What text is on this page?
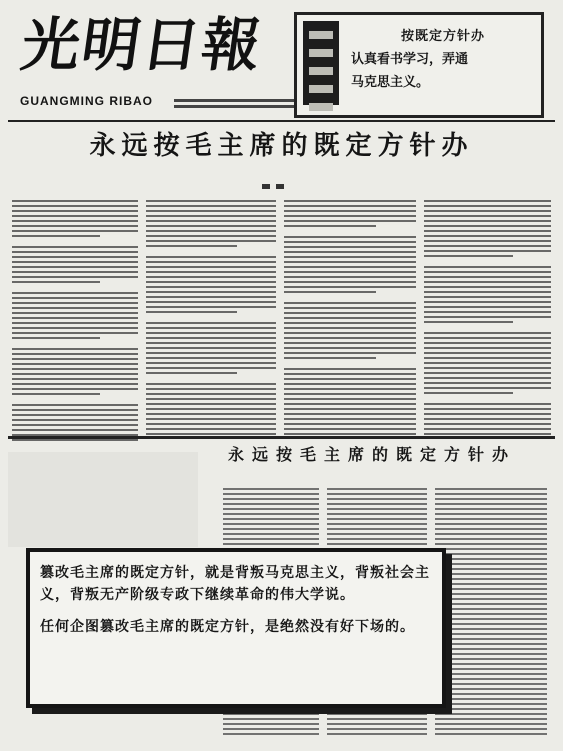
光明日報
GUANGMING RIBAO
按既定方针办
认真看书学习，弄通
马克思主义。
永远按毛主席的既定方针办
永远按毛主席的既定方针办

篡改毛主席的既定方针，就是背叛马克思主义，背叛社会主义，背叛无产阶级专政下继续革命的伟大学说。

任何企图篡改毛主席的既定方针，是绝然没有好下场的。
